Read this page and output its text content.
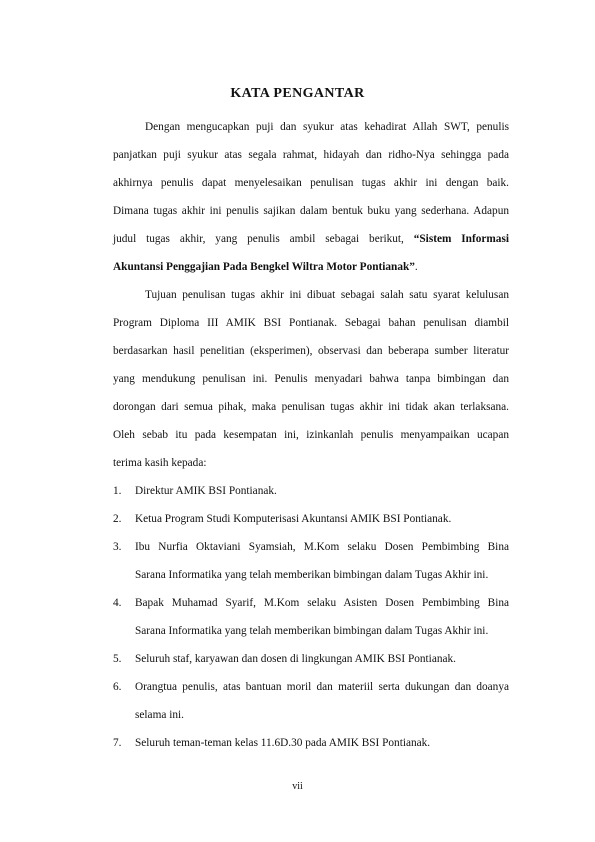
KATA PENGANTAR
Dengan mengucapkan puji dan syukur atas kehadirat Allah SWT, penulis
panjatkan puji syukur atas segala rahmat, hidayah dan ridho-Nya sehingga pada
akhirnya penulis dapat menyelesaikan penulisan tugas akhir ini dengan baik.
Dimana tugas akhir ini penulis sajikan dalam bentuk buku yang sederhana. Adapun
judul tugas akhir, yang penulis ambil sebagai berikut, “Sistem Informasi
Akuntansi Penggajian Pada Bengkel Wiltra Motor Pontianak”.
Tujuan penulisan tugas akhir ini dibuat sebagai salah satu syarat kelulusan
Program Diploma III AMIK BSI Pontianak. Sebagai bahan penulisan diambil
berdasarkan hasil penelitian (eksperimen), observasi dan beberapa sumber literatur
yang mendukung penulisan ini. Penulis menyadari bahwa tanpa bimbingan dan
dorongan dari semua pihak, maka penulisan tugas akhir ini tidak akan terlaksana.
Oleh sebab itu pada kesempatan ini, izinkanlah penulis menyampaikan ucapan
terima kasih kepada:
1. Direktur AMIK BSI Pontianak.
2. Ketua Program Studi Komputerisasi Akuntansi AMIK BSI Pontianak.
3. Ibu Nurfia Oktaviani Syamsiah, M.Kom selaku Dosen Pembimbing Bina
Sarana Informatika yang telah memberikan bimbingan dalam Tugas Akhir ini.
4. Bapak Muhamad Syarif, M.Kom selaku Asisten Dosen Pembimbing Bina
Sarana Informatika yang telah memberikan bimbingan dalam Tugas Akhir ini.
5. Seluruh staf, karyawan dan dosen di lingkungan AMIK BSI Pontianak.
6. Orangtua penulis, atas bantuan moril dan materiil serta dukungan dan doanya
selama ini.
7. Seluruh teman-teman kelas 11.6D.30 pada AMIK BSI Pontianak.
vii
